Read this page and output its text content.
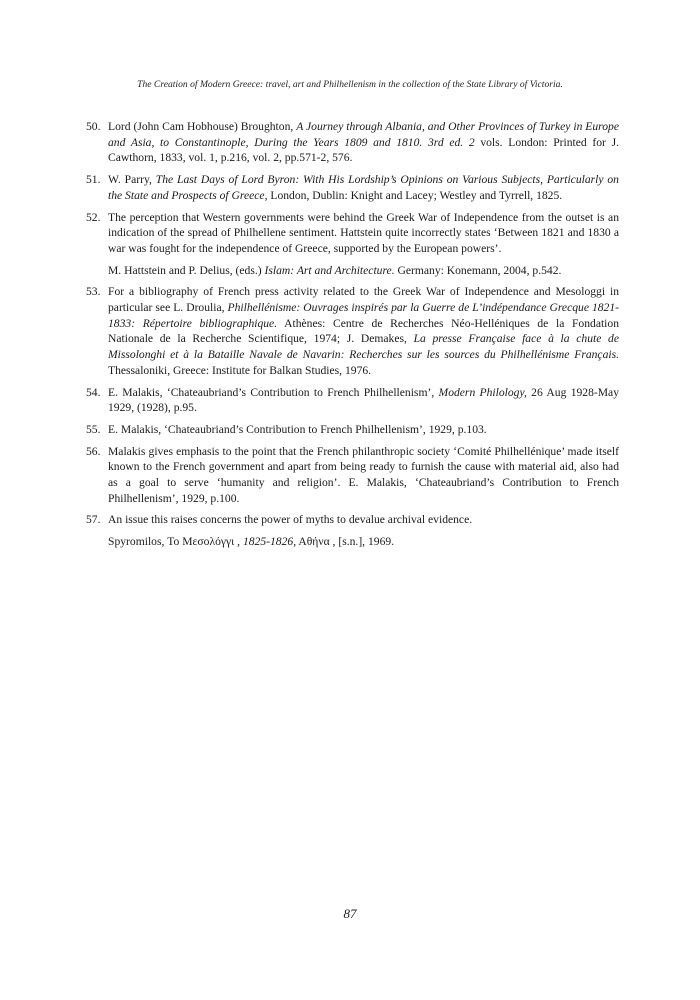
The Creation of Modern Greece: travel, art and Philhellenism in the collection of the State Library of Victoria.
50. Lord (John Cam Hobhouse) Broughton, A Journey through Albania, and Other Provinces of Turkey in Europe and Asia, to Constantinople, During the Years 1809 and 1810. 3rd ed. 2 vols. London: Printed for J. Cawthorn, 1833, vol. 1, p.216, vol. 2, pp.571-2, 576.

51. W. Parry, The Last Days of Lord Byron: With His Lordship’s Opinions on Various Subjects, Particularly on the State and Prospects of Greece, London, Dublin: Knight and Lacey; Westley and Tyrrell, 1825.

52. The perception that Western governments were behind the Greek War of Independence from the outset is an indication of the spread of Philhellene sentiment. Hattstein quite incorrectly states ‘Between 1821 and 1830 a war was fought for the independence of Greece, supported by the European powers’.

M. Hattstein and P. Delius, (eds.) Islam: Art and Architecture. Germany: Konemann, 2004, p.542.

53. For a bibliography of French press activity related to the Greek War of Independence and Mesologgi in particular see L. Droulia, Philhellénisme: Ouvrages inspirés par la Guerre de L’indépendance Grecque 1821-1833: Répertoire bibliographique. Athènes: Centre de Recherches Néo-Helléniques de la Fondation Nationale de la Recherche Scientifique, 1974; J. Demakes, La presse Française face à la chute de Missolonghi et à la Bataille Navale de Navarin: Recherches sur les sources du Philhellénisme Français. Thessaloniki, Greece: Institute for Balkan Studies, 1976.

54. E. Malakis, ‘Chateaubriand’s Contribution to French Philhellenism’, Modern Philology, 26 Aug 1928-May 1929, (1928), p.95.

55. E. Malakis, ‘Chateaubriand’s Contribution to French Philhellenism’, 1929, p.103.

56. Malakis gives emphasis to the point that the French philanthropic society ‘Comité Philhellénique’ made itself known to the French government and apart from being ready to furnish the cause with material aid, also had as a goal to serve ‘humanity and religion’. E. Malakis, ‘Chateaubriand’s Contribution to French Philhellenism’, 1929, p.100.

57. An issue this raises concerns the power of myths to devalue archival evidence.

Spyromilos, Το Μεσολόγγι , 1825-1826, Αθήνα , [s.n.], 1969.

87
